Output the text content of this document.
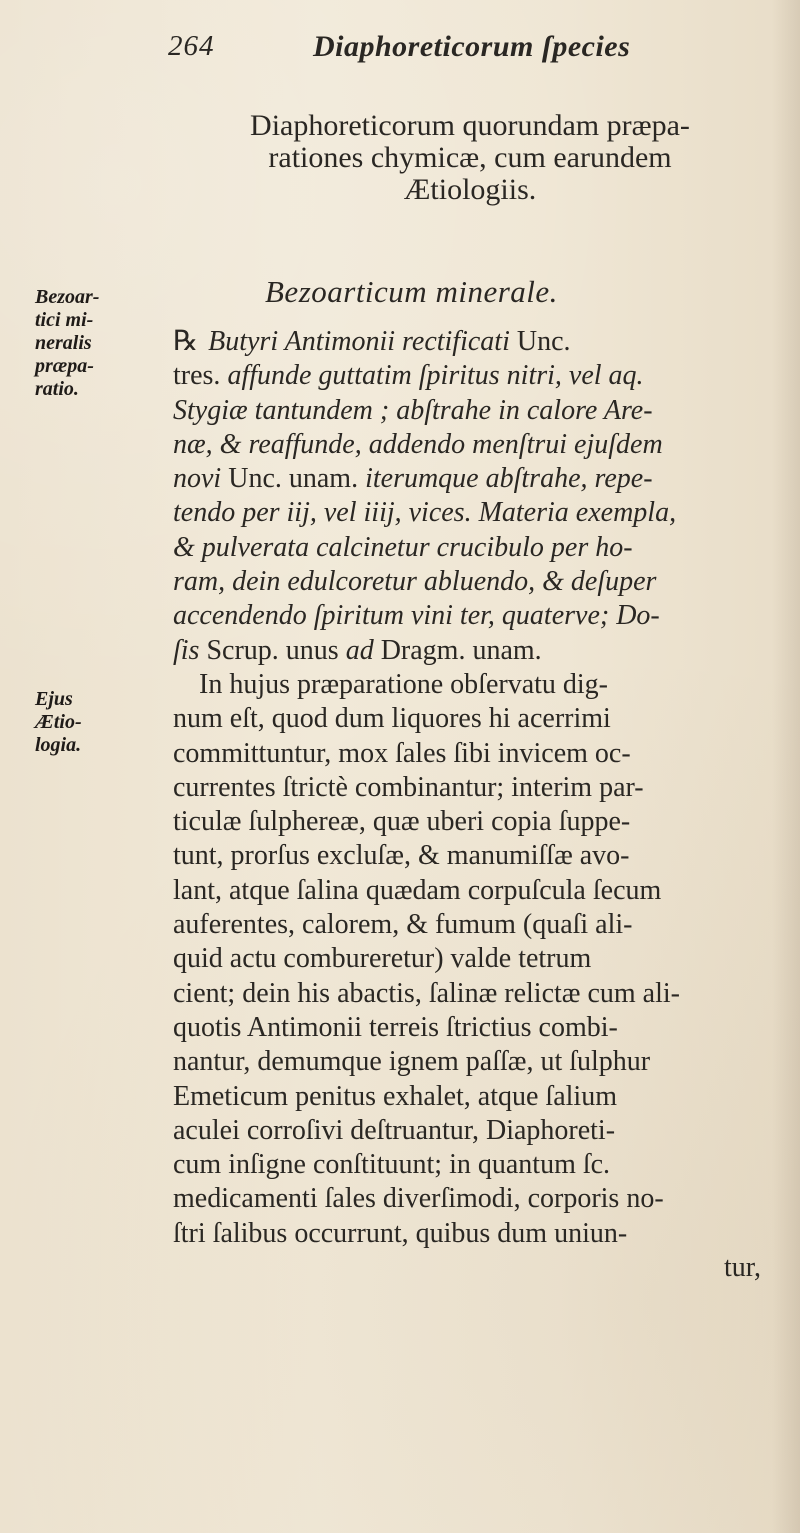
264	Diaphoreticorum ſpecies
Diaphoreticorum quorundam præpa-
rationes chymicæ, cum earundem
Ætiologiis.
Bezoarticum minerale.
Bezoar-
tici mi-
neralis
præpa-
ratio.
Ejus
Ætio-
logia.
℞ Butyri Antimonii rectificati Unc.
tres. affunde guttatim ſpiritus nitri, vel aq.
Stygiæ tantundem ; abſtrahe in calore Are-
næ, & reaffunde, addendo menſtrui ejuſdem
novi Unc. unam. iterumque abſtrahe, repe-
tendo per iij, vel iiij, vices. Materia exempla,
& pulverata calcinetur crucibulo per ho-
ram, dein edulcoretur abluendo, & deſuper
accendendo ſpiritum vini ter, quaterve; Do-
ſis Scrup. unus ad Dragm. unam.
In hujus præparatione obſervatu dig-
num eſt, quod dum liquores hi acerrimi
committuntur, mox ſales ſibi invicem oc-
currentes ſtrictè combinantur; interim par-
ticulæ ſulphereæ, quæ uberi copia ſuppe-
tunt, prorſus excluſæ, & manumiſſæ avo-
lant, atque ſalina quædam corpuſcula ſecum
auferentes, calorem, & fumum (quaſi ali-
quid actu combureretur) valde tetrum
cient; dein his abactis, ſalinæ relictæ cum ali-
quotis Antimonii terreis ſtrictius combi-
nantur, demumque ignem paſſæ, ut ſulphur
Emeticum penitus exhalet, atque ſalium
aculei corroſivi deſtruantur, Diaphoreti-
cum inſigne conſtituunt; in quantum ſc.
medicamenti ſales diverſimodi, corporis no-
ſtri ſalibus occurrunt, quibus dum uniun-
tur,
